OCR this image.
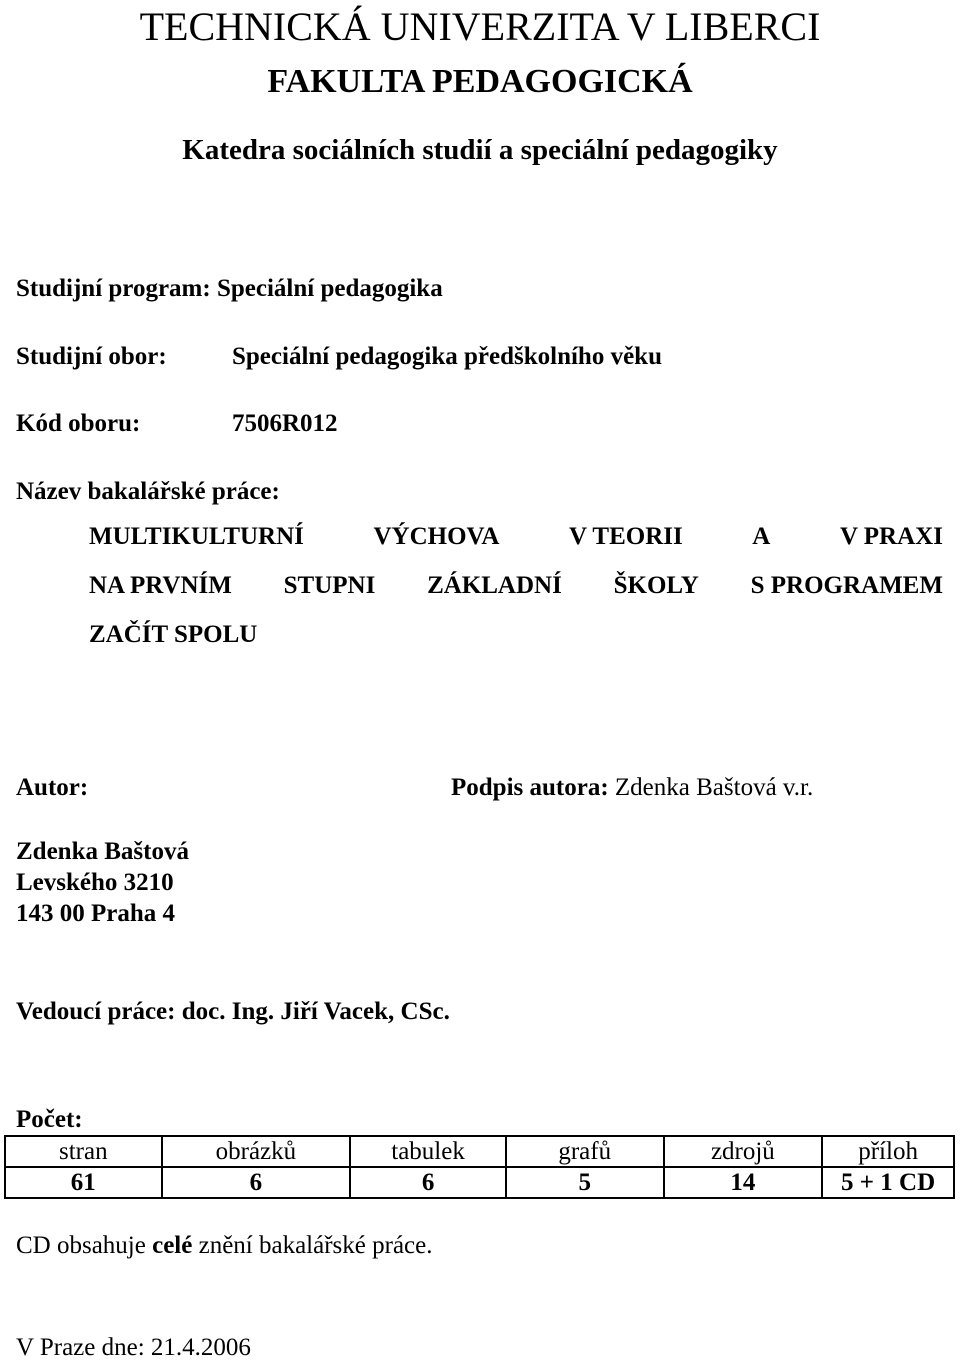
TECHNICKÁ UNIVERZITA V LIBERCI
FAKULTA PEDAGOGICKÁ
Katedra sociálních studií a speciální pedagogiky
Studijní program: Speciální pedagogika
Studijní obor:	Speciální pedagogika předškolního věku
Kód oboru:	7506R012
Název bakalářské práce:
MULTIKULTURNÍ	VÝCHOVA	V TEORII	A	V PRAXI
NA PRVNÍM STUPNI ZÁKLADNÍ ŠKOLY S PROGRAMEM
ZAČÍT SPOLU
Autor:	Podpis autora: Zdenka Baštová v.r.
Zdenka Baštová
Levského 3210
143 00 Praha 4
Vedoucí práce: doc. Ing. Jiří Vacek, CSc.
Počet:
stran	obrázků	tabulek	grafů	zdrojů	příloh
61	6	6	5	14	5 + 1 CD
CD obsahuje celé znění bakalářské práce.
V Praze dne: 21.4.2006
